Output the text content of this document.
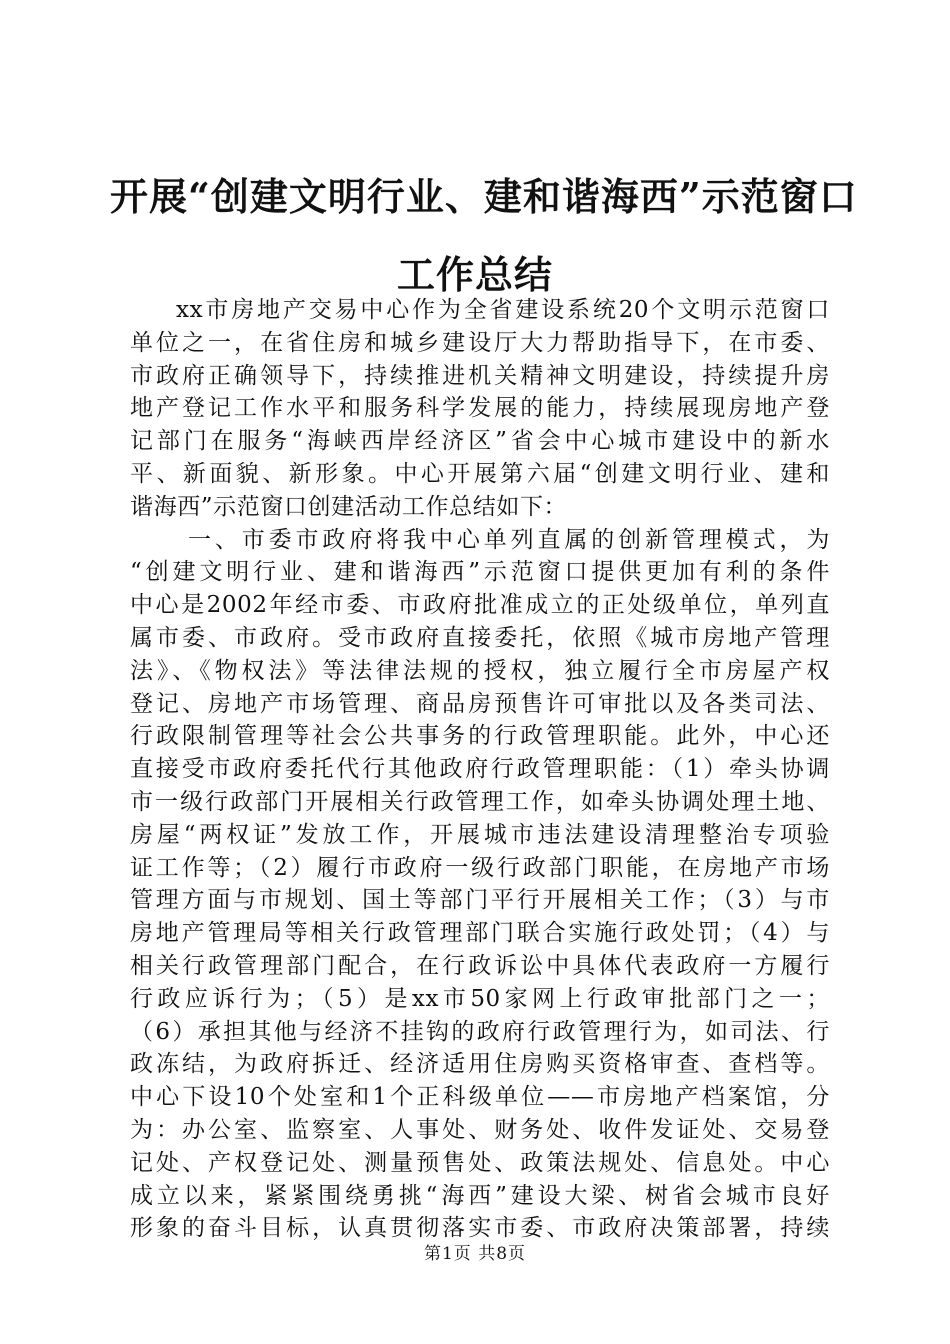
开展“创建文明行业、建和谐海西”示范窗口

工作总结

xx市房地产交易中心作为全省建设系统20个文明示范窗口
单位之一，在省住房和城乡建设厅大力帮助指导下，在市委、
市政府正确领导下，持续推进机关精神文明建设，持续提升房
地产登记工作水平和服务科学发展的能力，持续展现房地产登
记部门在服务“海峡西岸经济区”省会中心城市建设中的新水
平、新面貌、新形象。中心开展第六届“创建文明行业、建和
谐海西”示范窗口创建活动工作总结如下：
一、市委市政府将我中心单列直属的创新管理模式，为
“创建文明行业、建和谐海西”示范窗口提供更加有利的条件
中心是2002年经市委、市政府批准成立的正处级单位，单列直
属市委、市政府。受市政府直接委托，依照《城市房地产管理
法》、《物权法》等法律法规的授权，独立履行全市房屋产权
登记、房地产市场管理、商品房预售许可审批以及各类司法、
行政限制管理等社会公共事务的行政管理职能。此外，中心还
直接受市政府委托代行其他政府行政管理职能：（1）牵头协调
市一级行政部门开展相关行政管理工作，如牵头协调处理土地、
房屋“两权证”发放工作，开展城市违法建设清理整治专项验
证工作等；（2）履行市政府一级行政部门职能，在房地产市场
管理方面与市规划、国土等部门平行开展相关工作；（3）与市
房地产管理局等相关行政管理部门联合实施行政处罚；（4）与
相关行政管理部门配合，在行政诉讼中具体代表政府一方履行
行政应诉行为；（5）是xx市50家网上行政审批部门之一；
（6）承担其他与经济不挂钩的政府行政管理行为，如司法、行
政冻结，为政府拆迁、经济适用住房购买资格审查、查档等。
中心下设10个处室和1个正科级单位——市房地产档案馆，分
为：办公室、监察室、人事处、财务处、收件发证处、交易登
记处、产权登记处、测量预售处、政策法规处、信息处。中心
成立以来，紧紧围绕勇挑“海西”建设大梁、树省会城市良好
形象的奋斗目标，认真贯彻落实市委、市政府决策部署，持续
第1页 共8页
